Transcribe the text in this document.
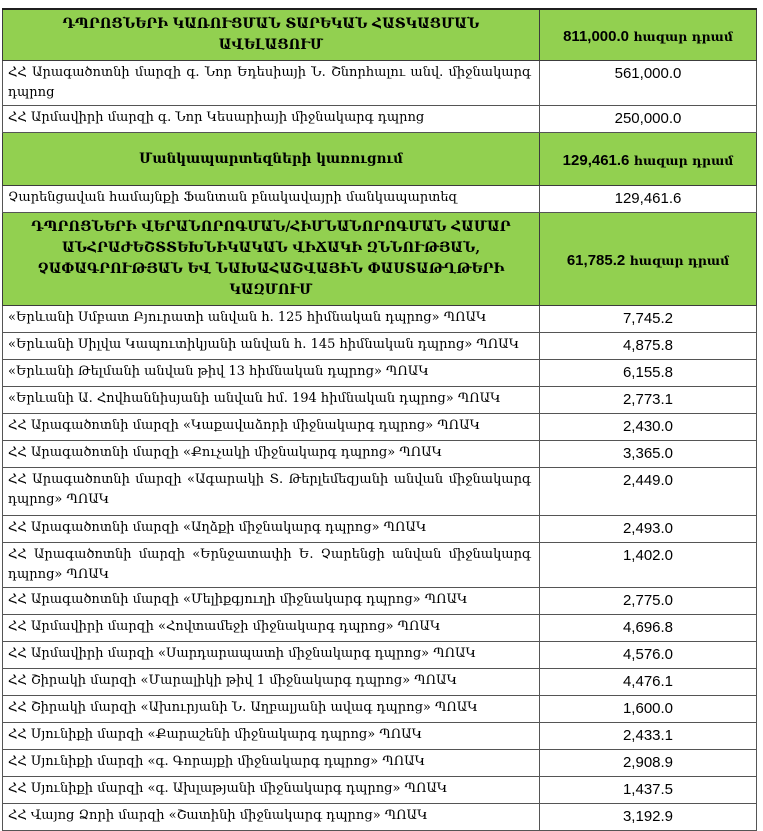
ԴՊՐՈՑՆԵՐԻ ԿԱՌՈՒՑՄԱՆ ՏԱՐԵԿԱՆ ՀԱՏԿԱՑՄԱՆ ԱՎԵԼԱՑՈՒՄ	811,000.0 հազար դրամ
ՀՀ Արագածոտնի մարզի գ. Նոր Եդեսիայի Ն. Շնորհալու անվ. միջնակարգ դպրոց	561,000.0
ՀՀ Արմավիրի մարզի գ. Նոր Կեսարիայի միջնակարգ դպրոց	250,000.0
Մանկապարտեզների կառուցում	129,461.6 հազար դրամ
Չարենցավան համայնքի Ֆանտան բնակավայրի մանկապարտեզ	129,461.6
ԴՊՐՈՑՆԵՐԻ ՎԵՐԱՆՈՐՈԳՄԱՆ/ՀԻՄՆԱՆՈՐՈԳՄԱՆ ՀԱՄԱՐ ԱՆՀՐԱԺԵՇՏՏԵԽՆԻԿԱԿԱՆ ՎԻՃԱԿԻ ԶՆՆՈՒԹՅԱՆ, ՉԱՓԱԳՐՈՒԹՅԱՆ ԵՎ ՆԱԽԱՀԱՇՎԱՅԻՆ ՓԱՍՏԱԹՂԹԵՐԻ ԿԱԶՄՈՒՄ	61,785.2 հազար դրամ
«Երևանի Սմբատ Բյուրատի անվան հ. 125 հիմնական դպրոց» ՊՈԱԿ	7,745.2
«Երևանի Սիլվա Կապուտիկյանի անվան հ. 145 հիմնական դպրոց» ՊՈԱԿ	4,875.8
«Երևանի Թելմանի անվան թիվ 13 հիմնական դպրոց» ՊՈԱԿ	6,155.8
«Երևանի Ա. Հովհաննիսյանի անվան հմ. 194 հիմնական դպրոց» ՊՈԱԿ	2,773.1
ՀՀ Արագածոտնի մարզի «Կաքավաձորի միջնակարգ դպրոց» ՊՈԱԿ	2,430.0
ՀՀ Արագածոտնի մարզի «Քուչակի միջնակարգ դպրոց» ՊՈԱԿ	3,365.0
ՀՀ Արագածոտնի մարզի «Ագարակի Տ. Թերլեմեզյանի անվան միջնակարգ դպրոց» ՊՈԱԿ	2,449.0
ՀՀ Արագածոտնի մարզի «Աղձքի միջնակարգ դպրոց» ՊՈԱԿ	2,493.0
ՀՀ Արագածոտնի մարզի «Երնջատափի Ե. Չարենցի անվան միջնակարգ դպրոց» ՊՈԱԿ	1,402.0
ՀՀ Արագածոտնի մարզի «Մելիքգյուղի միջնակարգ դպրոց» ՊՈԱԿ	2,775.0
ՀՀ Արմավիրի մարզի «Հովտամեջի միջնակարգ դպրոց» ՊՈԱԿ	4,696.8
ՀՀ Արմավիրի մարզի «Սարդարապատի միջնակարգ դպրոց» ՊՈԱԿ	4,576.0
ՀՀ Շիրակի մարզի «Մարալիկի թիվ 1 միջնակարգ դպրոց» ՊՈԱԿ	4,476.1
ՀՀ Շիրակի մարզի «Ախուրյանի Ն. Աղբալյանի ավագ դպրոց» ՊՈԱԿ	1,600.0
ՀՀ Սյունիքի մարզի «Քարաշենի միջնակարգ դպրոց» ՊՈԱԿ	2,433.1
ՀՀ Սյունիքի մարզի «գ. Գորայքի միջնակարգ դպրոց» ՊՈԱԿ	2,908.9
ՀՀ Սյունիքի մարզի «գ. Ախլաթյանի միջնակարգ դպրոց» ՊՈԱԿ	1,437.5
ՀՀ Վայոց Ձորի մարզի «Շատինի միջնակարգ դպրոց» ՊՈԱԿ	3,192.9
